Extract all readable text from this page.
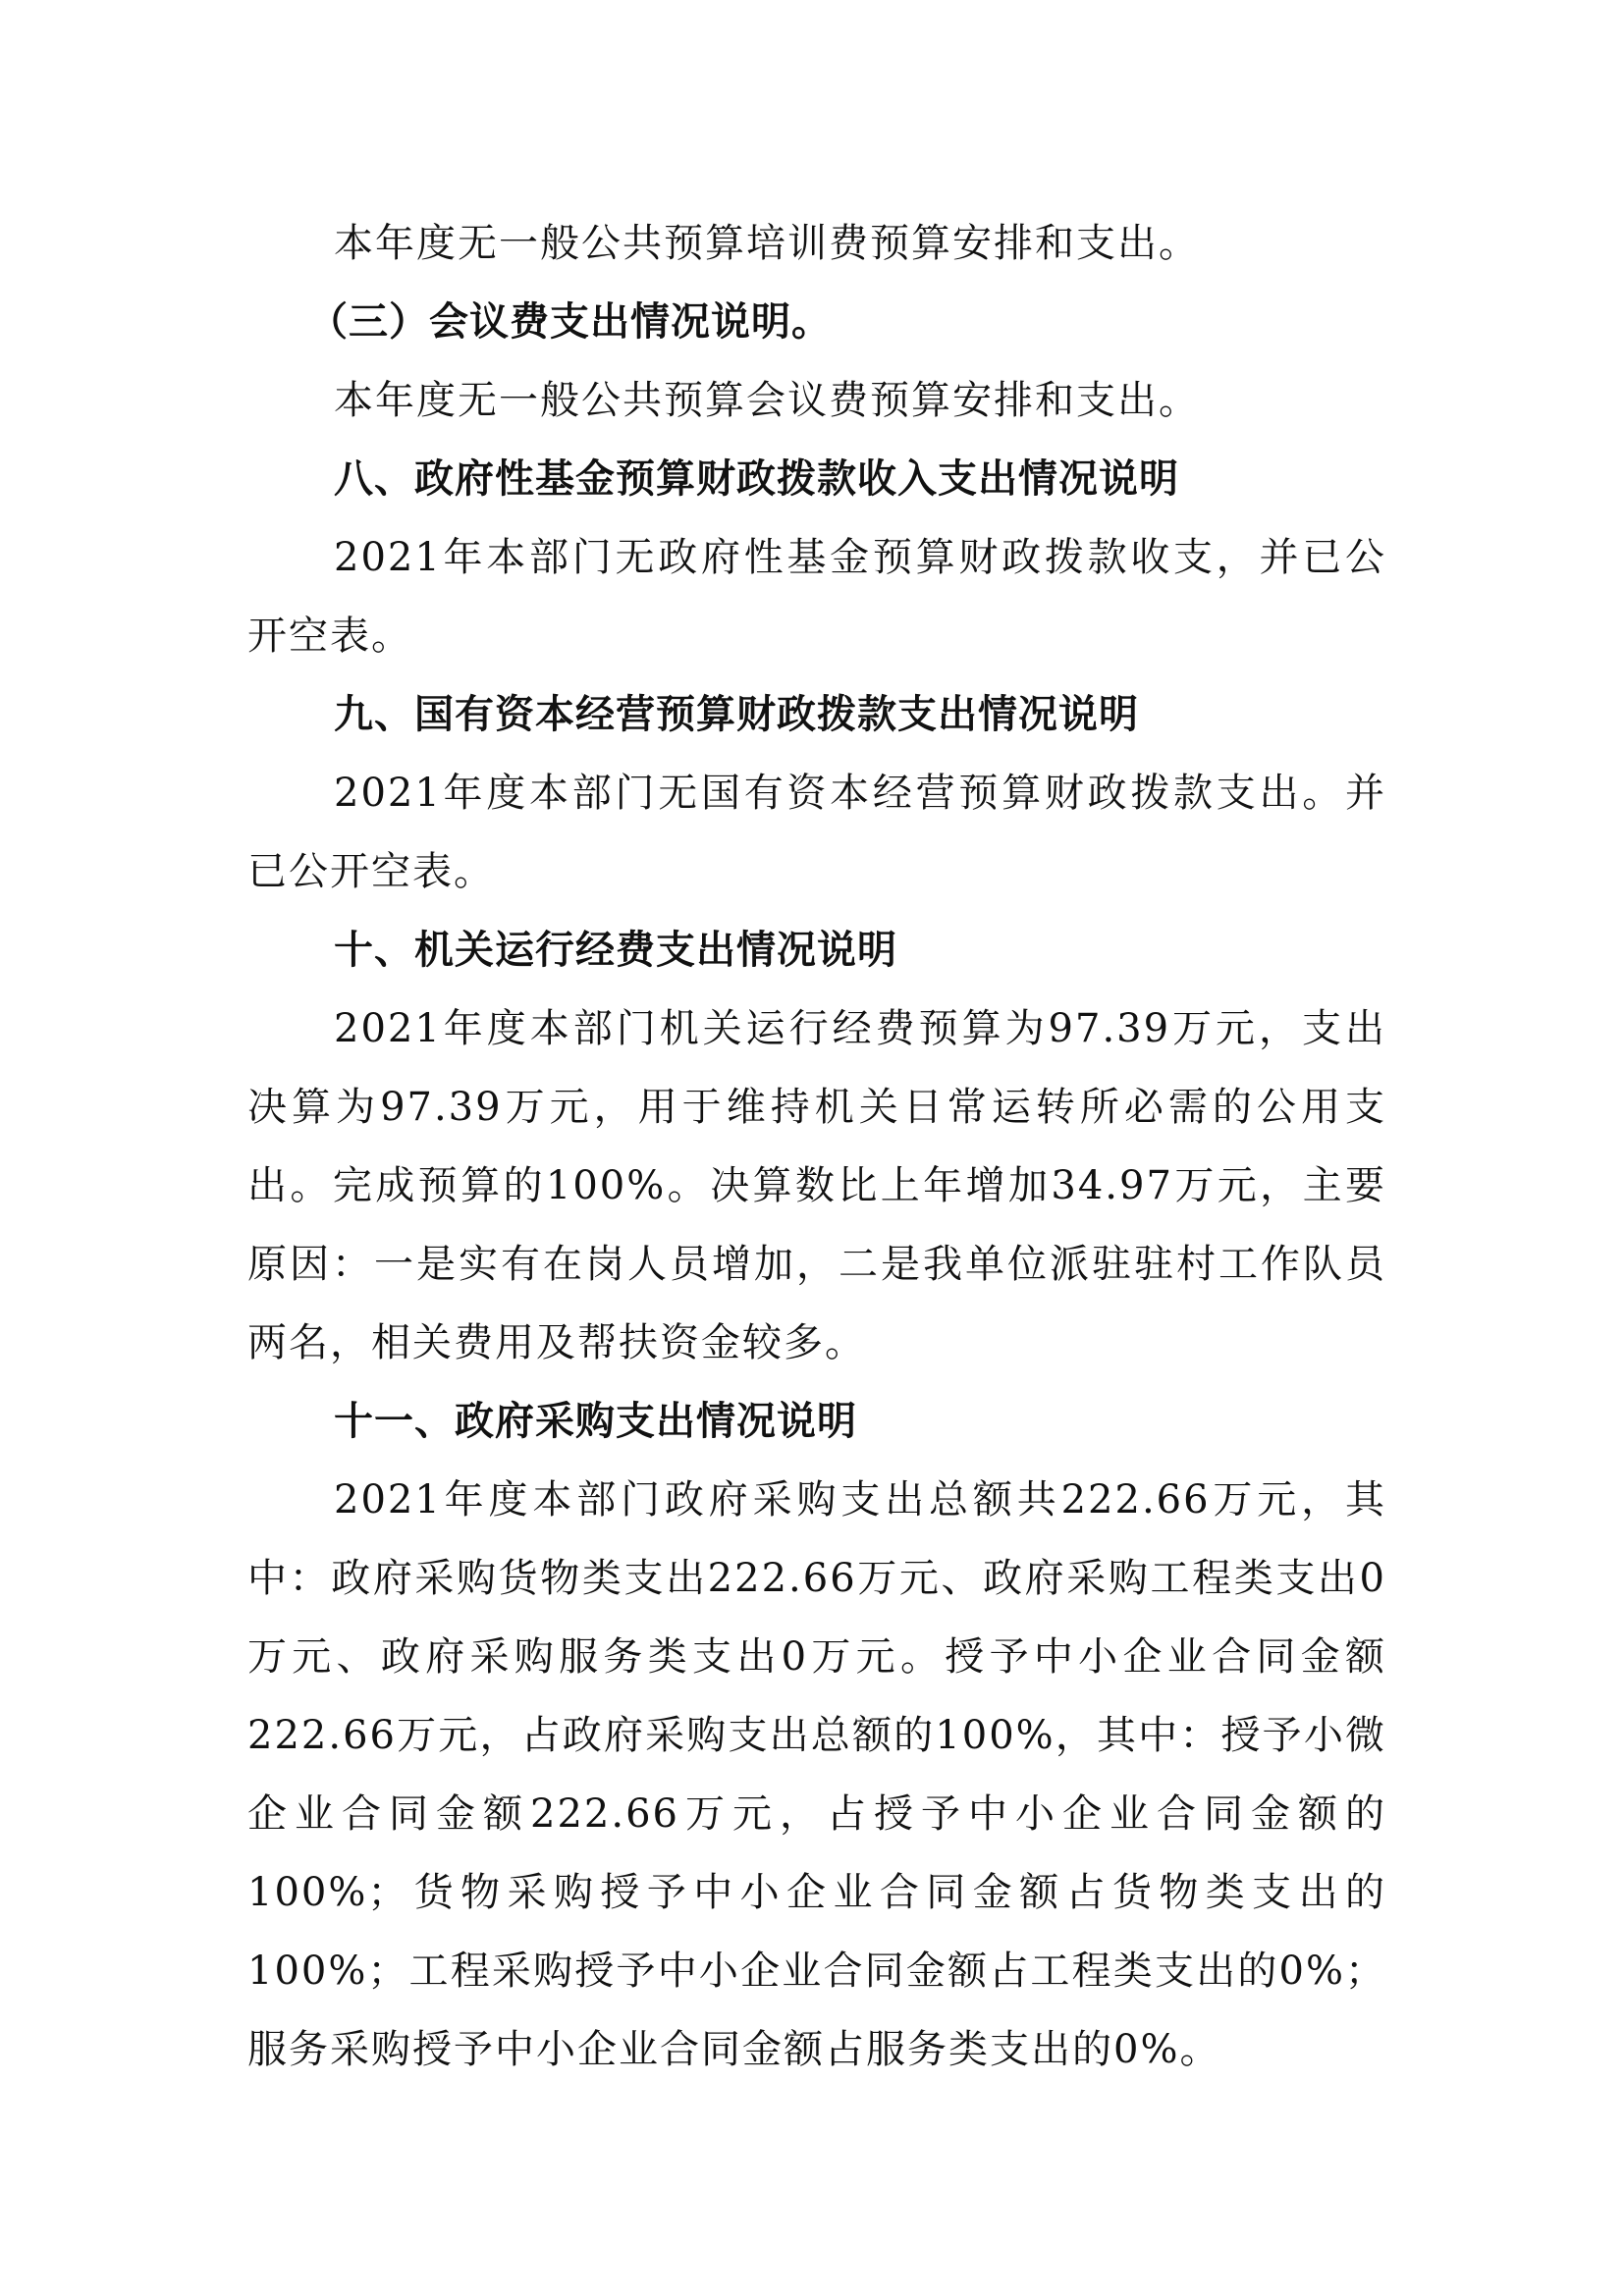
本年度无一般公共预算培训费预算安排和支出。

（三）会议费支出情况说明。

本年度无一般公共预算会议费预算安排和支出。

八、政府性基金预算财政拨款收入支出情况说明

2021年本部门无政府性基金预算财政拨款收支，并已公开空表。

九、国有资本经营预算财政拨款支出情况说明

2021年度本部门无国有资本经营预算财政拨款支出。并已公开空表。

十、机关运行经费支出情况说明

2021年度本部门机关运行经费预算为97.39万元，支出决算为97.39万元，用于维持机关日常运转所必需的公用支出。完成预算的100%。决算数比上年增加34.97万元，主要原因：一是实有在岗人员增加，二是我单位派驻驻村工作队员两名，相关费用及帮扶资金较多。

十一、政府采购支出情况说明

2021年度本部门政府采购支出总额共222.66万元，其中：政府采购货物类支出222.66万元、政府采购工程类支出0万元、政府采购服务类支出0万元。授予中小企业合同金额222.66万元，占政府采购支出总额的100%，其中：授予小微企业合同金额222.66万元，占授予中小企业合同金额的100%；货物采购授予中小企业合同金额占货物类支出的100%；工程采购授予中小企业合同金额占工程类支出的0%；服务采购授予中小企业合同金额占服务类支出的0%。
